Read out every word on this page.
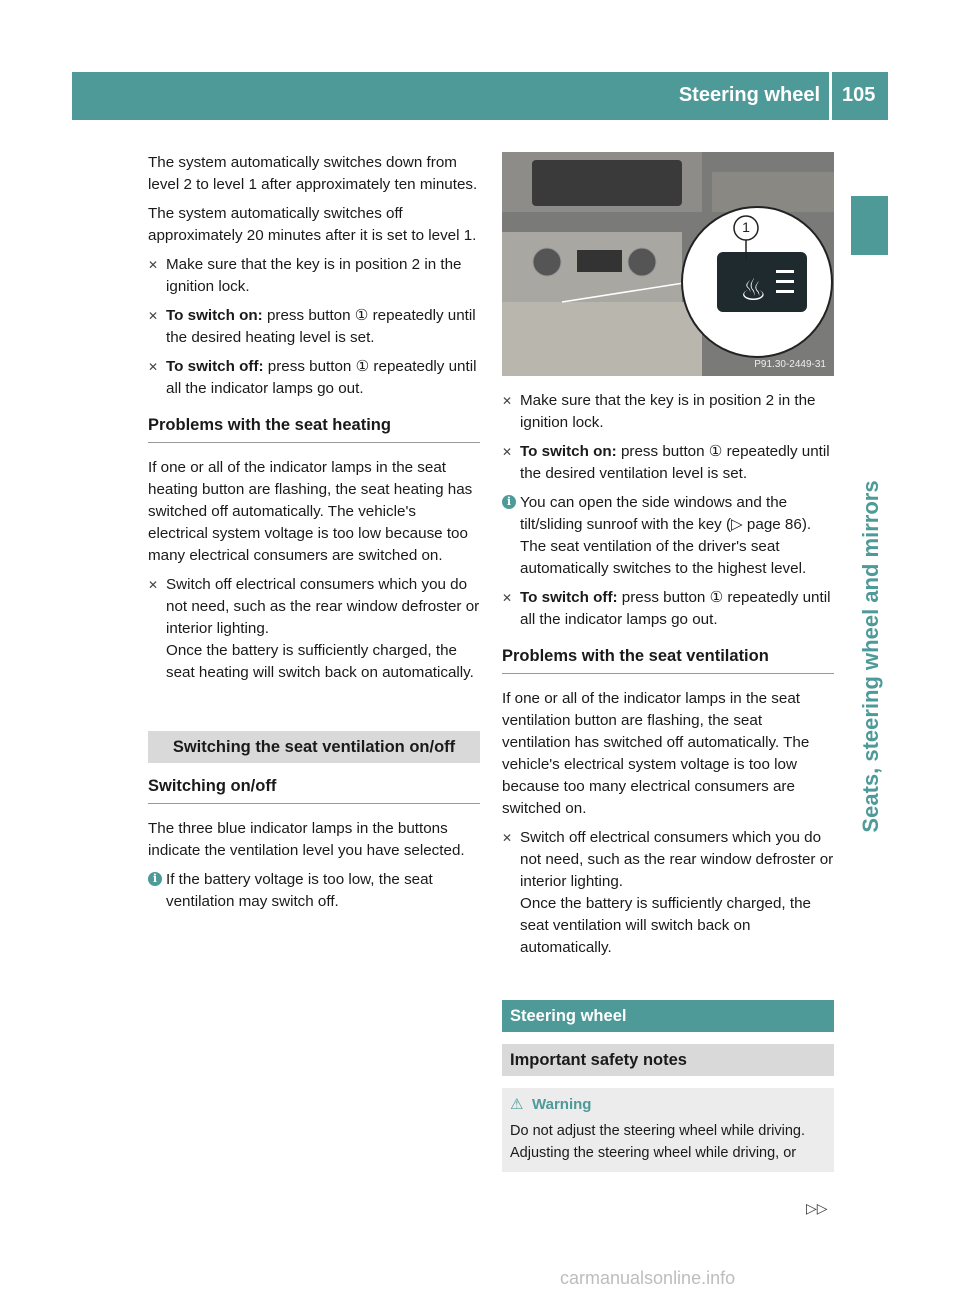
Steering wheel 105
Seats, steering wheel and mirrors

The system automatically switches down from level 2 to level 1 after approximately ten minutes.

The system automatically switches off approximately 20 minutes after it is set to level 1.

✕ Make sure that the key is in position 2 in the ignition lock.
✕ To switch on: press button ① repeatedly until the desired heating level is set.
✕ To switch off: press button ① repeatedly until all the indicator lamps go out.
Problems with the seat heating

If one or all of the indicator lamps in the seat heating button are flashing, the seat heating has switched off automatically. The vehicle's electrical system voltage is too low because too many electrical consumers are switched on.

✕ Switch off electrical consumers which you do not need, such as the rear window defroster or interior lighting.
Once the battery is sufficiently charged, the seat heating will switch back on automatically.
Switching the seat ventilation on/off
Switching on/off

The three blue indicator lamps in the buttons indicate the ventilation level you have selected.

i If the battery voltage is too low, the seat ventilation may switch off.
♨
1
P91.30-2449-31
✕ Make sure that the key is in position 2 in the ignition lock.
✕ To switch on: press button ① repeatedly until the desired ventilation level is set.
i You can open the side windows and the tilt/sliding sunroof with the key (▷ page 86). The seat ventilation of the driver's seat automatically switches to the highest level.
✕ To switch off: press button ① repeatedly until all the indicator lamps go out.
Problems with the seat ventilation

If one or all of the indicator lamps in the seat ventilation button are flashing, the seat ventilation has switched off automatically. The vehicle's electrical system voltage is too low because too many electrical consumers are switched on.

✕ Switch off electrical consumers which you do not need, such as the rear window defroster or interior lighting.
Once the battery is sufficiently charged, the seat ventilation will switch back on automatically.
Steering wheel
Important safety notes
⚠ Warning
Do not adjust the steering wheel while driving. Adjusting the steering wheel while driving, or
▷▷
carmanualsonline.info
